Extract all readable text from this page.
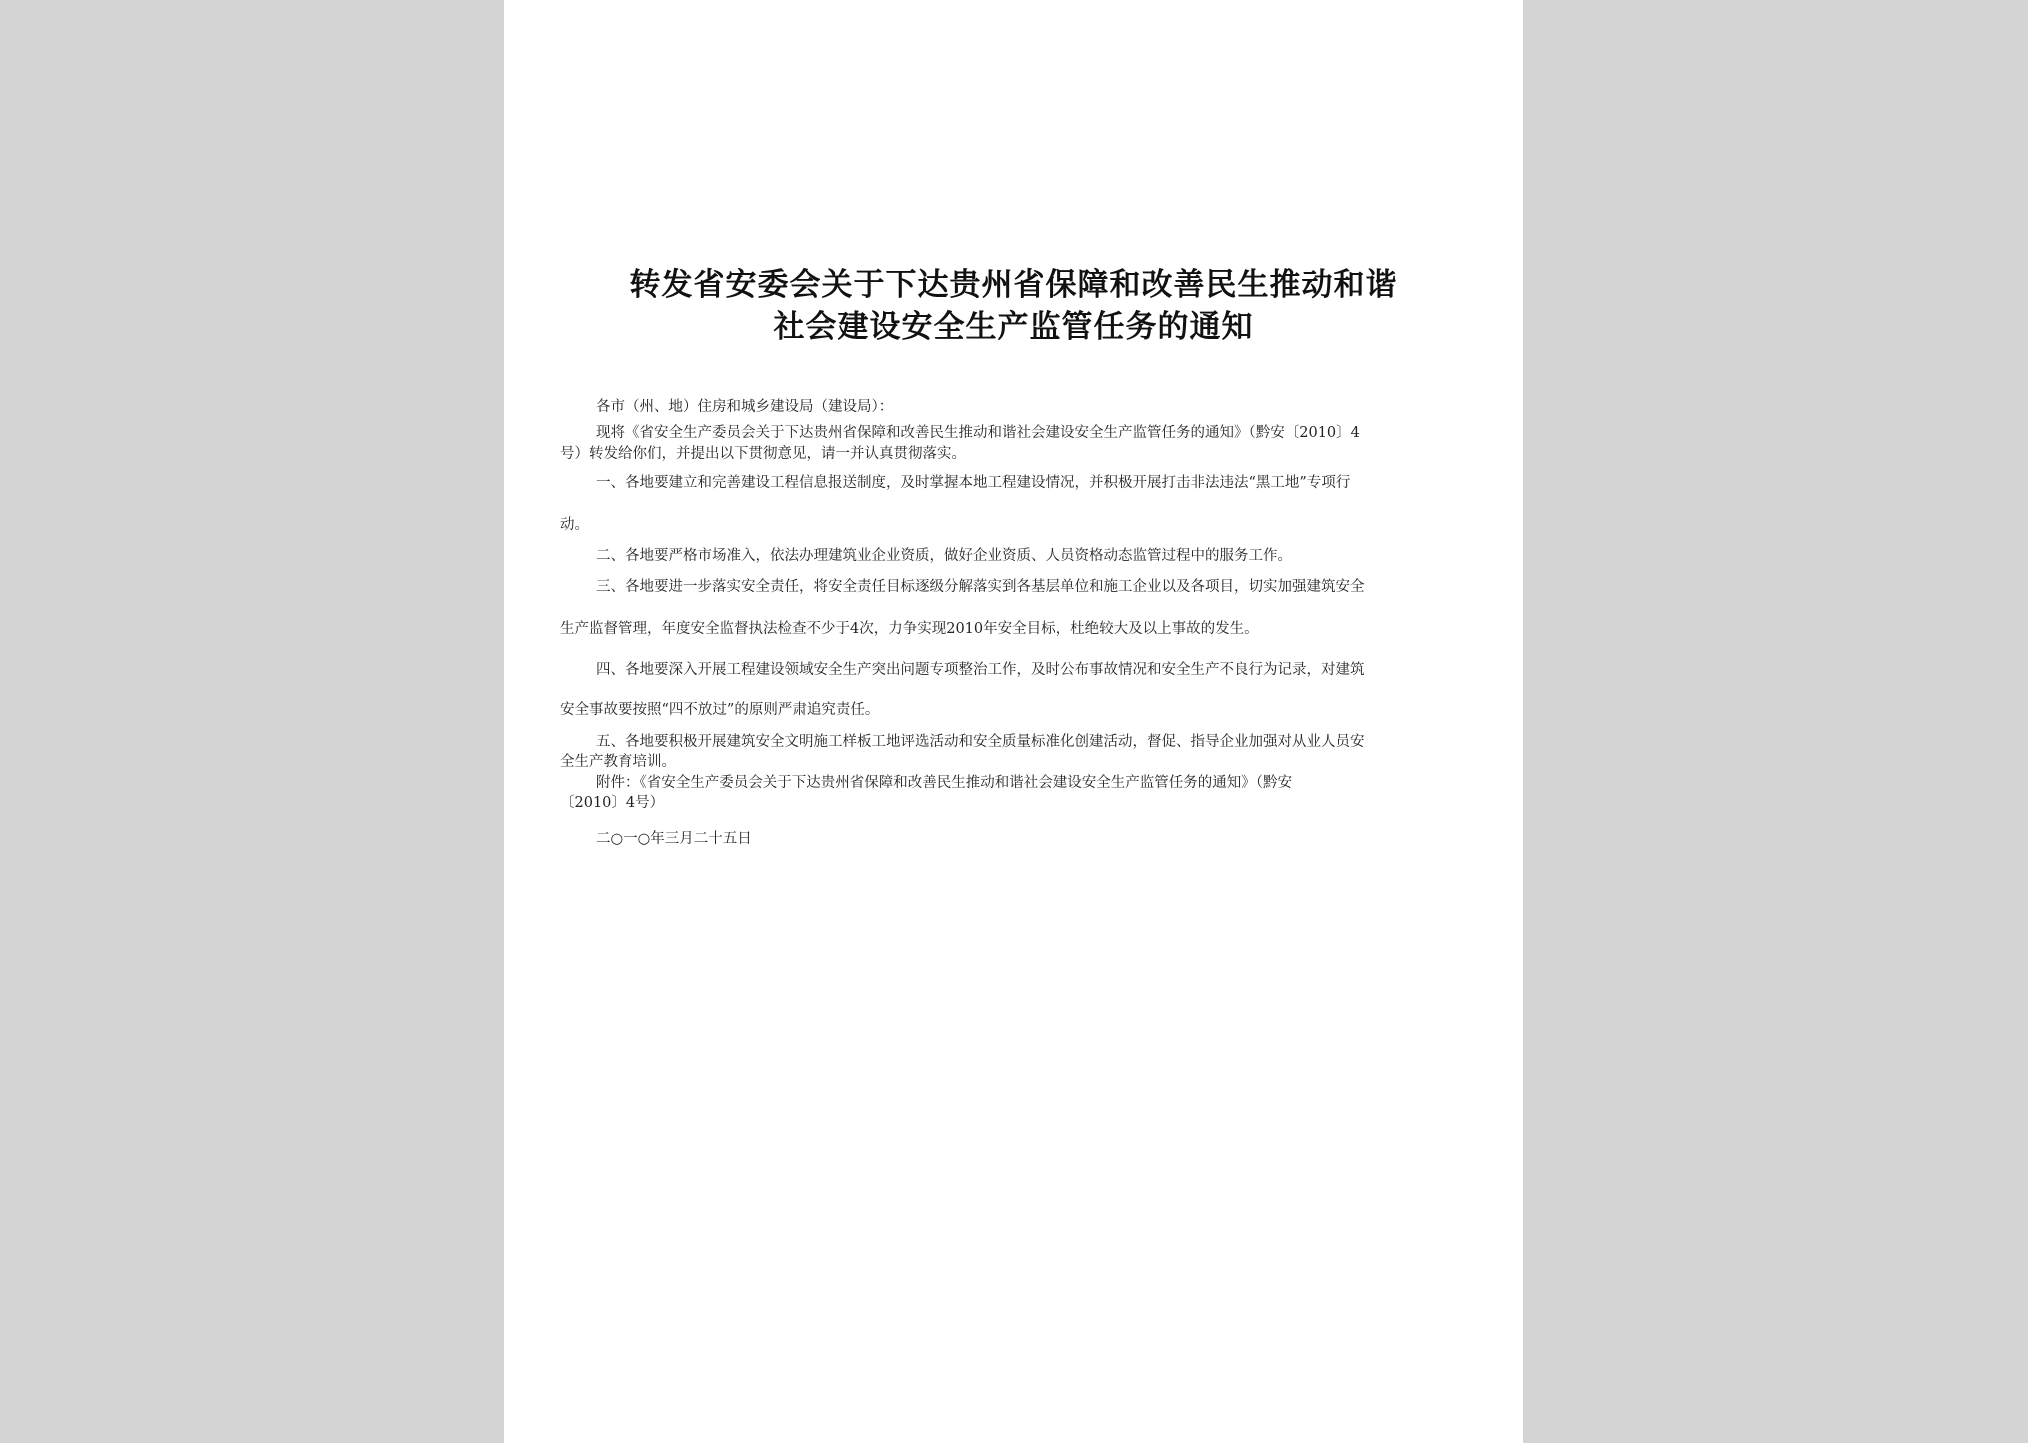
转发省安委会关于下达贵州省保障和改善民生推动和谐
社会建设安全生产监管任务的通知
各市（州、地）住房和城乡建设局（建设局）：
现将《省安全生产委员会关于下达贵州省保障和改善民生推动和谐社会建设安全生产监管任务的通知》（黔安〔2010〕4
号）转发给你们，并提出以下贯彻意见，请一并认真贯彻落实。
一、各地要建立和完善建设工程信息报送制度，及时掌握本地工程建设情况，并积极开展打击非法违法“黑工地”专项行
动。
二、各地要严格市场准入，依法办理建筑业企业资质，做好企业资质、人员资格动态监管过程中的服务工作。
三、各地要进一步落实安全责任，将安全责任目标逐级分解落实到各基层单位和施工企业以及各项目，切实加强建筑安全
生产监督管理，年度安全监督执法检查不少于4次，力争实现2010年安全目标，杜绝较大及以上事故的发生。
四、各地要深入开展工程建设领域安全生产突出问题专项整治工作，及时公布事故情况和安全生产不良行为记录，对建筑
安全事故要按照“四不放过”的原则严肃追究责任。
五、各地要积极开展建筑安全文明施工样板工地评选活动和安全质量标准化创建活动，督促、指导企业加强对从业人员安
全生产教育培训。
附件：《省安全生产委员会关于下达贵州省保障和改善民生推动和谐社会建设安全生产监管任务的通知》（黔安
〔2010〕4号）
二○一○年三月二十五日
